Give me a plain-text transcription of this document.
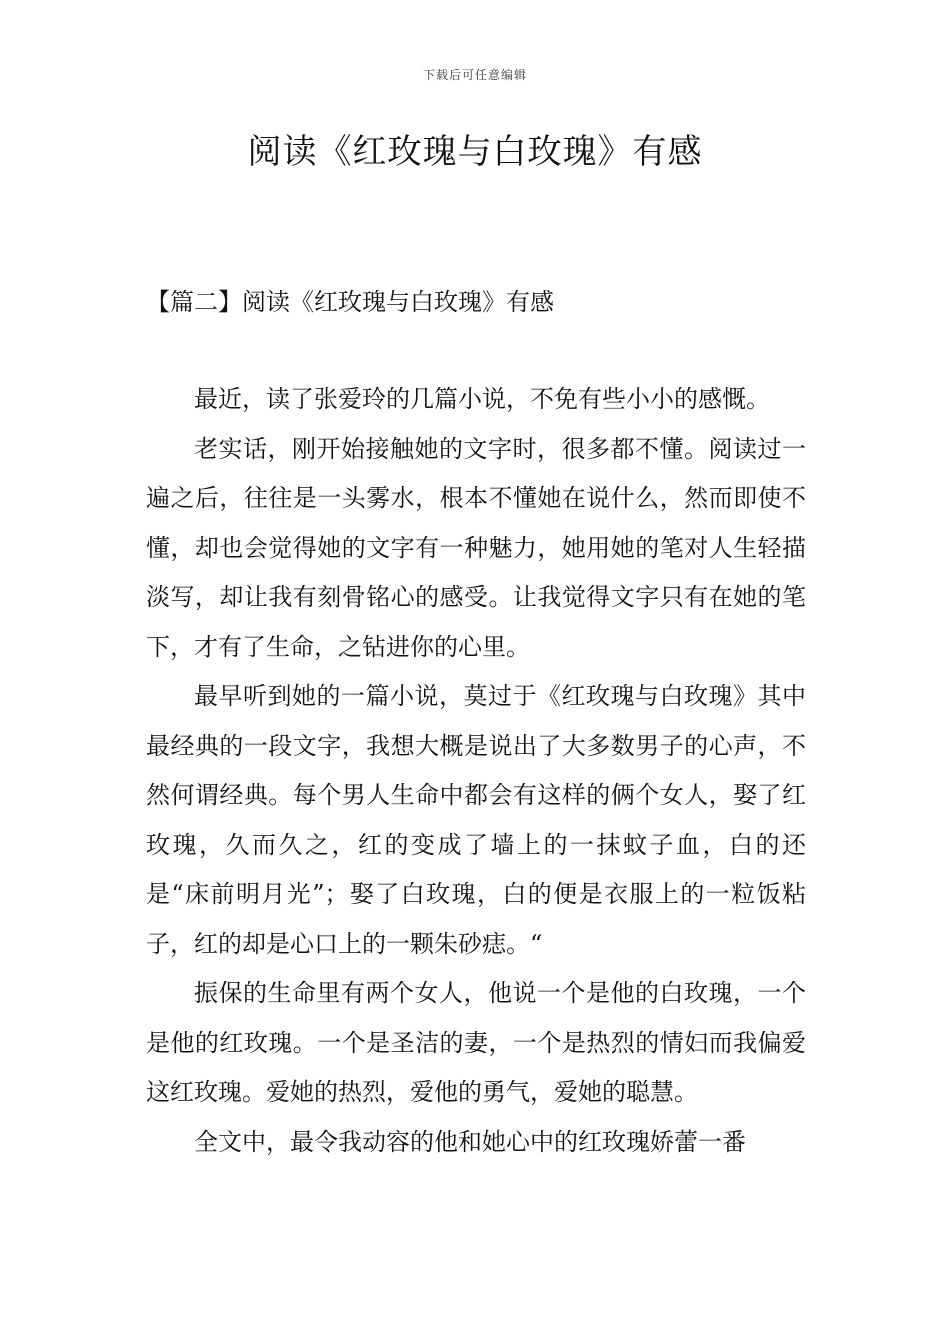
下载后可任意编辑
阅读《红玫瑰与白玫瑰》有感
【篇二】阅读《红玫瑰与白玫瑰》有感

最近，读了张爱玲的几篇小说，不免有些小小的感慨。

老实话，刚开始接触她的文字时，很多都不懂。阅读过一遍之后，往往是一头雾水，根本不懂她在说什么，然而即使不懂，却也会觉得她的文字有一种魅力，她用她的笔对人生轻描淡写，却让我有刻骨铭心的感受。让我觉得文字只有在她的笔下，才有了生命，之钻进你的心里。

最早听到她的一篇小说，莫过于《红玫瑰与白玫瑰》其中最经典的一段文字，我想大概是说出了大多数男子的心声，不然何谓经典。每个男人生命中都会有这样的俩个女人，娶了红玫瑰，久而久之，红的变成了墙上的一抹蚊子血，白的还是“床前明月光”；娶了白玫瑰，白的便是衣服上的一粒饭粘子，红的却是心口上的一颗朱砂痣。“

振保的生命里有两个女人，他说一个是他的白玫瑰，一个是他的红玫瑰。一个是圣洁的妻，一个是热烈的情妇而我偏爱这红玫瑰。爱她的热烈，爱他的勇气，爱她的聪慧。

全文中，最令我动容的他和她心中的红玫瑰娇蕾一番
